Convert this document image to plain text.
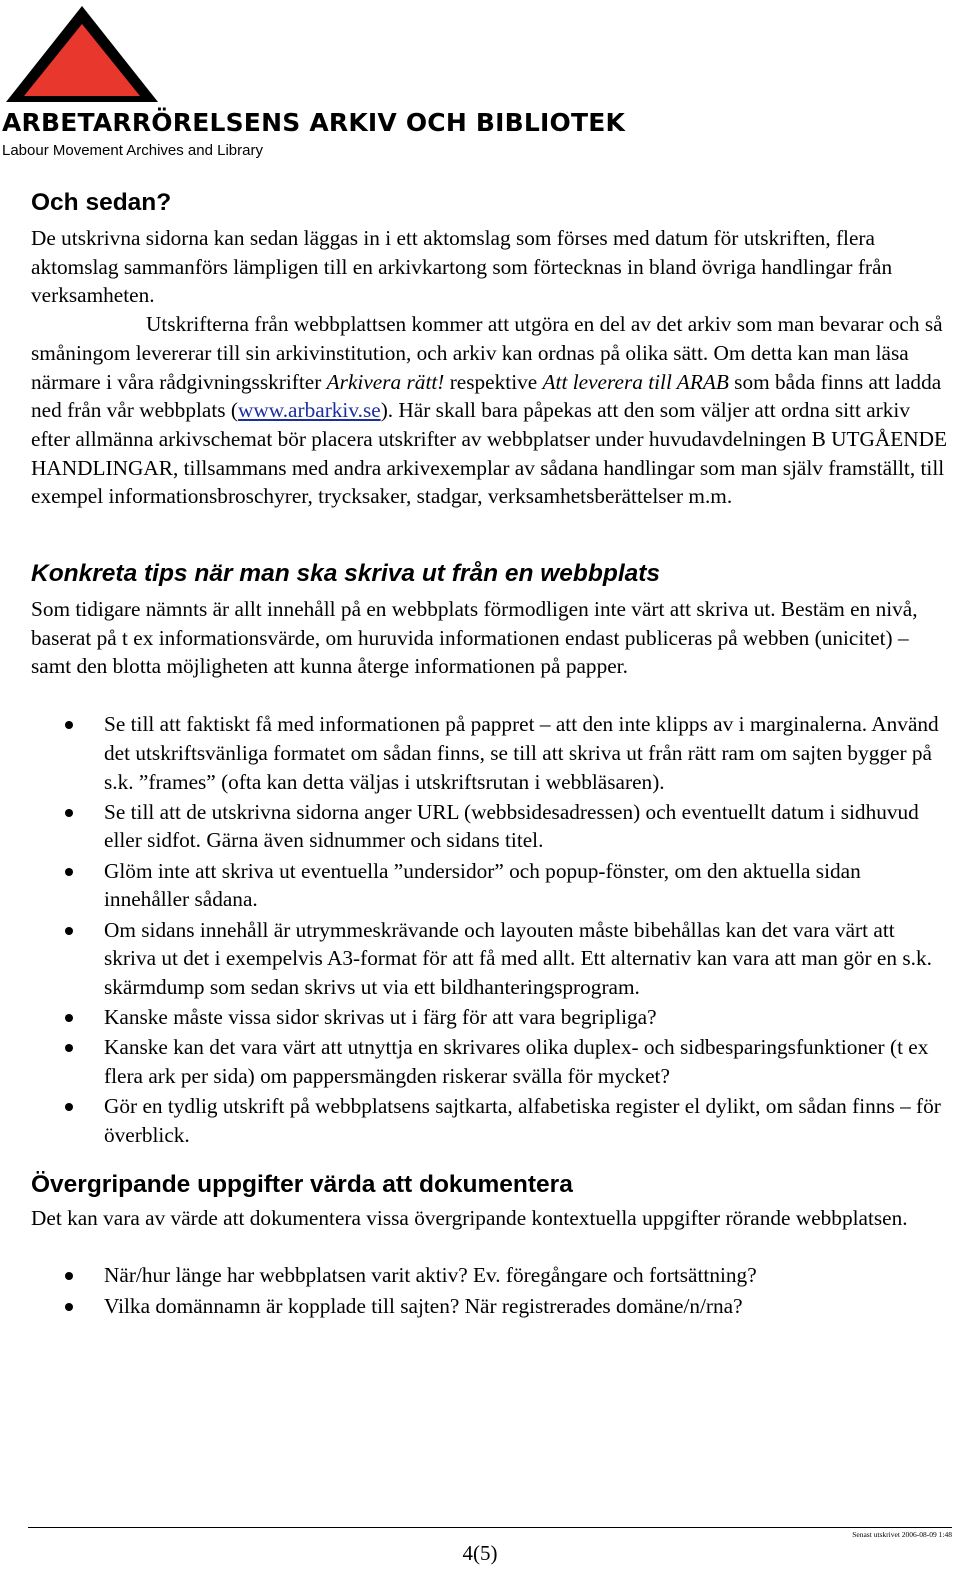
ARBETARRÖRELSENS ARKIV OCH BIBLIOTEK
Labour Movement Archives and Library
Och sedan?

De utskrivna sidorna kan sedan läggas in i ett aktomslag som förses med datum för utskriften, flera aktomslag sammanförs lämpligen till en arkivkartong som förtecknas in bland övriga handlingar från verksamheten.

Utskrifterna från webbplattsen kommer att utgöra en del av det arkiv som man bevarar och så småningom levererar till sin arkivinstitution, och arkiv kan ordnas på olika sätt. Om detta kan man läsa närmare i våra rådgivningsskrifter Arkivera rätt! respektive Att leverera till ARAB som båda finns att ladda ned från vår webbplats (www.arbarkiv.se). Här skall bara påpekas att den som väljer att ordna sitt arkiv efter allmänna arkivschemat bör placera utskrifter av webbplatser under huvudavdelningen B UTGÅENDE HANDLINGAR, tillsammans med andra arkivexemplar av sådana handlingar som man själv framställt, till exempel informationsbroschyrer, trycksaker, stadgar, verksamhetsberättelser m.m.

Konkreta tips när man ska skriva ut från en webbplats

Som tidigare nämnts är allt innehåll på en webbplats förmodligen inte värt att skriva ut. Bestäm en nivå, baserat på t ex informationsvärde, om huruvida informationen endast publiceras på webben (unicitet) – samt den blotta möjligheten att kunna återge informationen på papper.

Se till att faktiskt få med informationen på pappret – att den inte klipps av i marginalerna. Använd det utskriftsvänliga formatet om sådan finns, se till att skriva ut från rätt ram om sajten bygger på s.k. ”frames” (ofta kan detta väljas i utskriftsrutan i webbläsaren).
Se till att de utskrivna sidorna anger URL (webbsidesadressen) och eventuellt datum i sidhuvud eller sidfot. Gärna även sidnummer och sidans titel.
Glöm inte att skriva ut eventuella ”undersidor” och popup-fönster, om den aktuella sidan innehåller sådana.
Om sidans innehåll är utrymmeskrävande och layouten måste bibehållas kan det vara värt att skriva ut det i exempelvis A3-format för att få med allt. Ett alternativ kan vara att man gör en s.k. skärmdump som sedan skrivs ut via ett bildhanteringsprogram.
Kanske måste vissa sidor skrivas ut i färg för att vara begripliga?
Kanske kan det vara värt att utnyttja en skrivares olika duplex- och sidbesparingsfunktioner (t ex flera ark per sida) om pappersmängden riskerar svälla för mycket?
Gör en tydlig utskrift på webbplatsens sajtkarta, alfabetiska register el dylikt, om sådan finns – för överblick.
Övergripande uppgifter värda att dokumentera

Det kan vara av värde att dokumentera vissa övergripande kontextuella uppgifter rörande webbplatsen.

När/hur länge har webbplatsen varit aktiv? Ev. föregångare och fortsättning?
Vilka domännamn är kopplade till sajten? När registrerades domäne/n/rna?
Senast utskrivet 2006-08-09 1:48
4(5)
